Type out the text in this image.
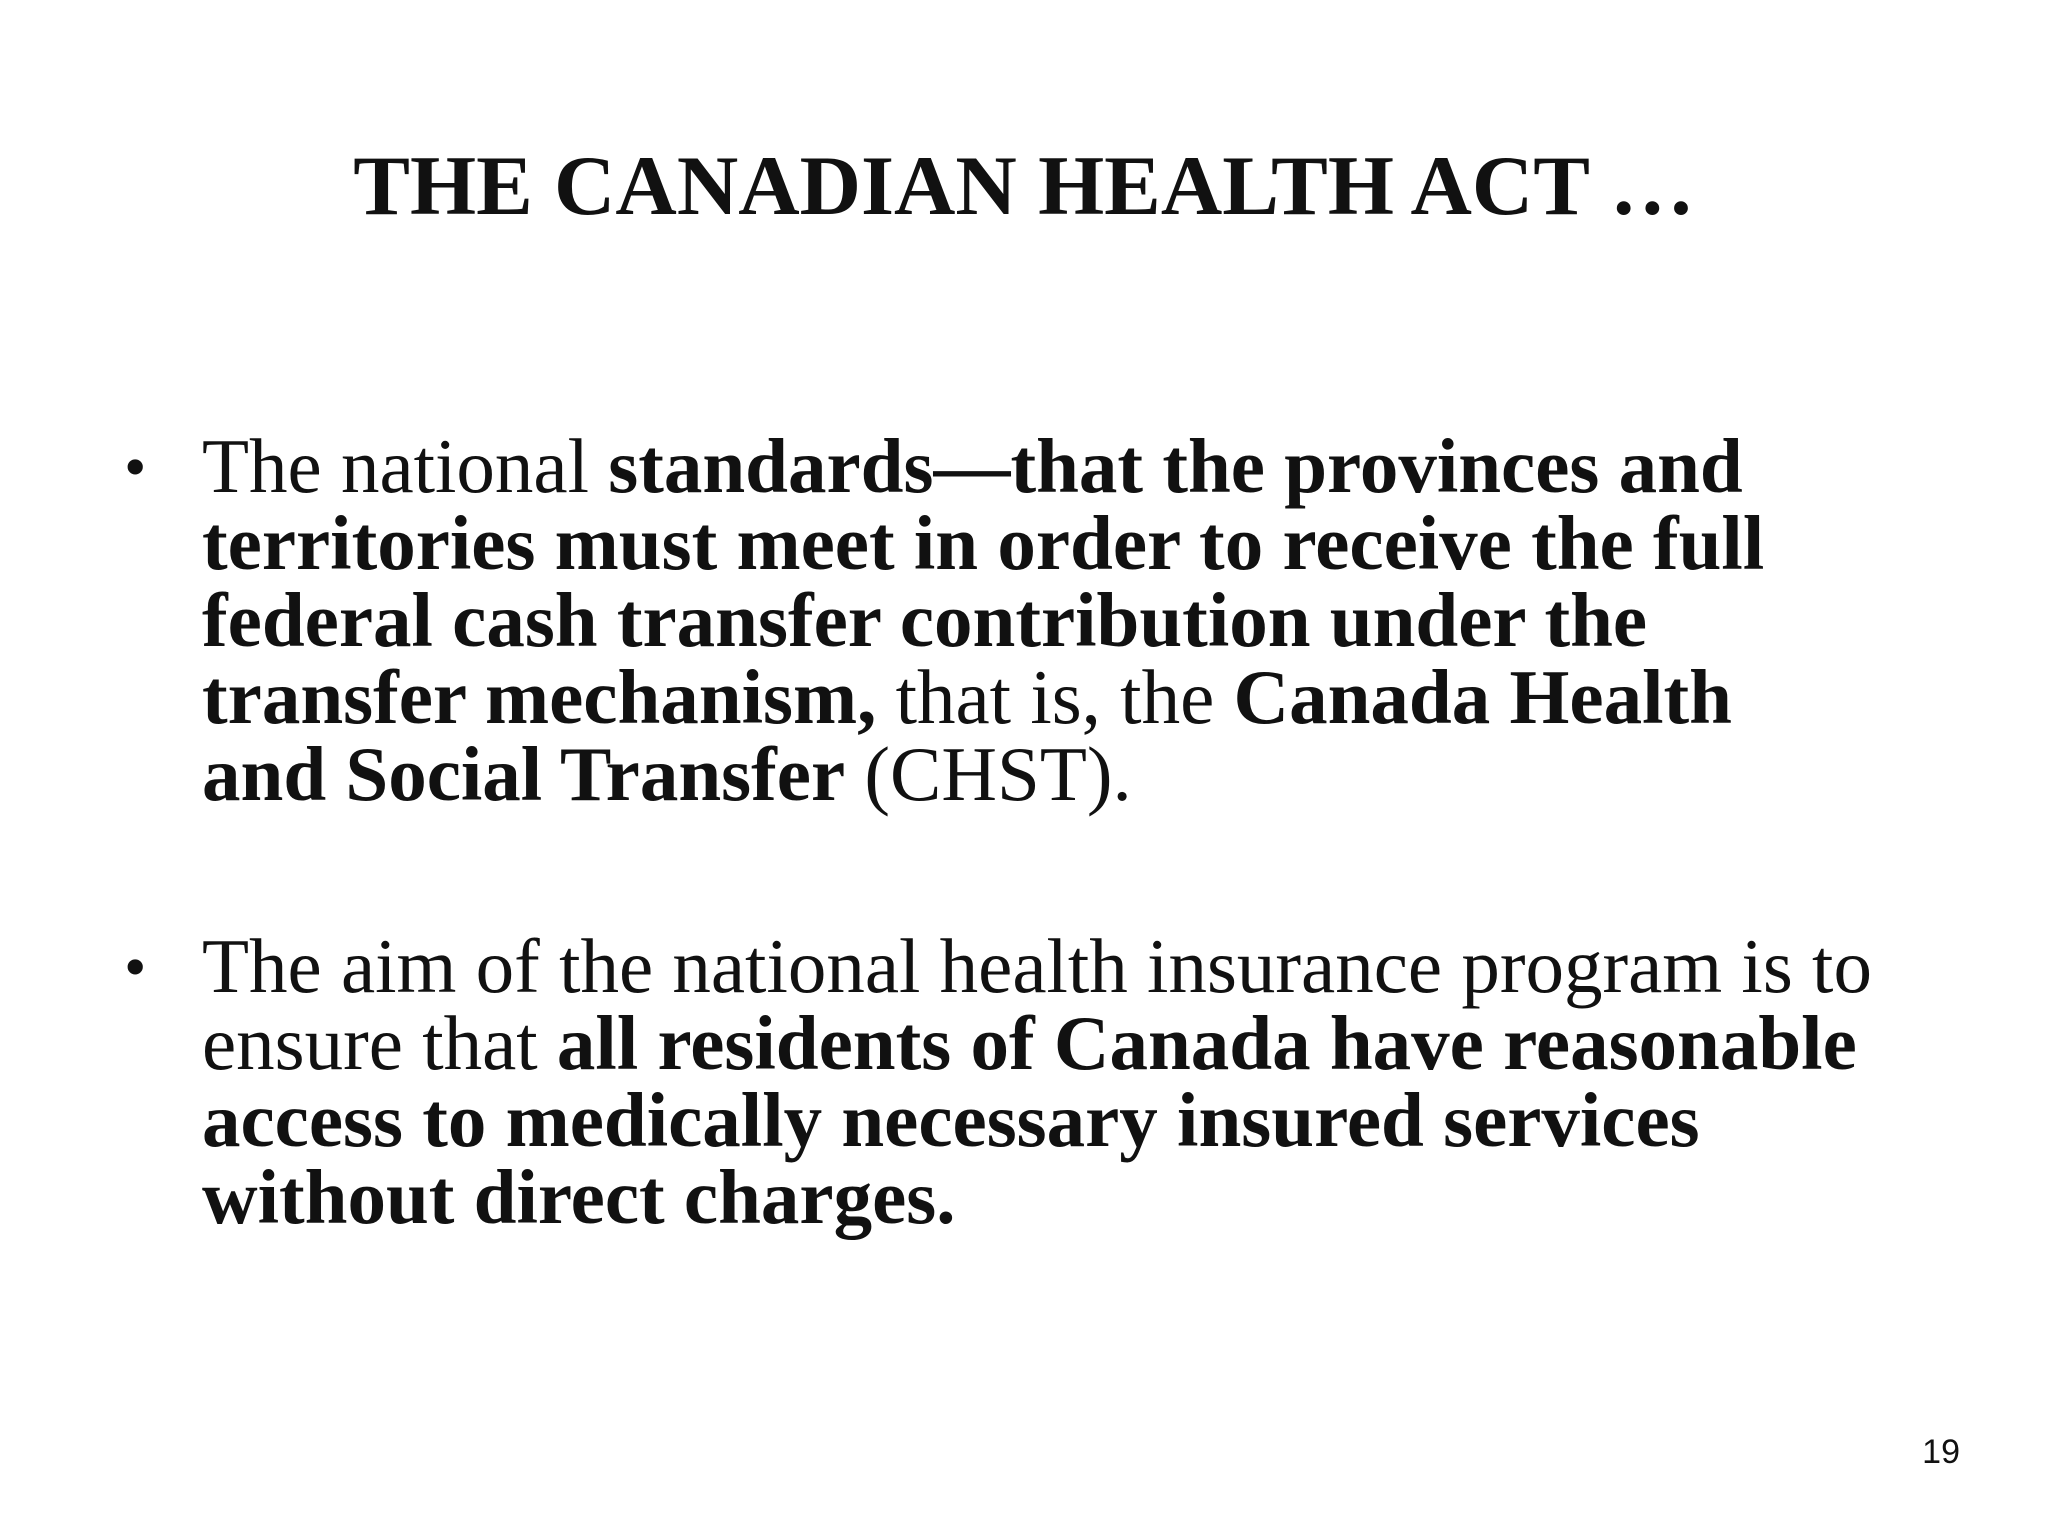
THE CANADIAN HEALTH ACT …
• The national standards—that the provinces and
territories must meet in order to receive the full
federal cash transfer contribution under the
transfer mechanism, that is, the Canada Health
and Social Transfer (CHST).
• The aim of the national health insurance program is to
ensure that all residents of Canada have reasonable
access to medically necessary insured services
without direct charges.
19
